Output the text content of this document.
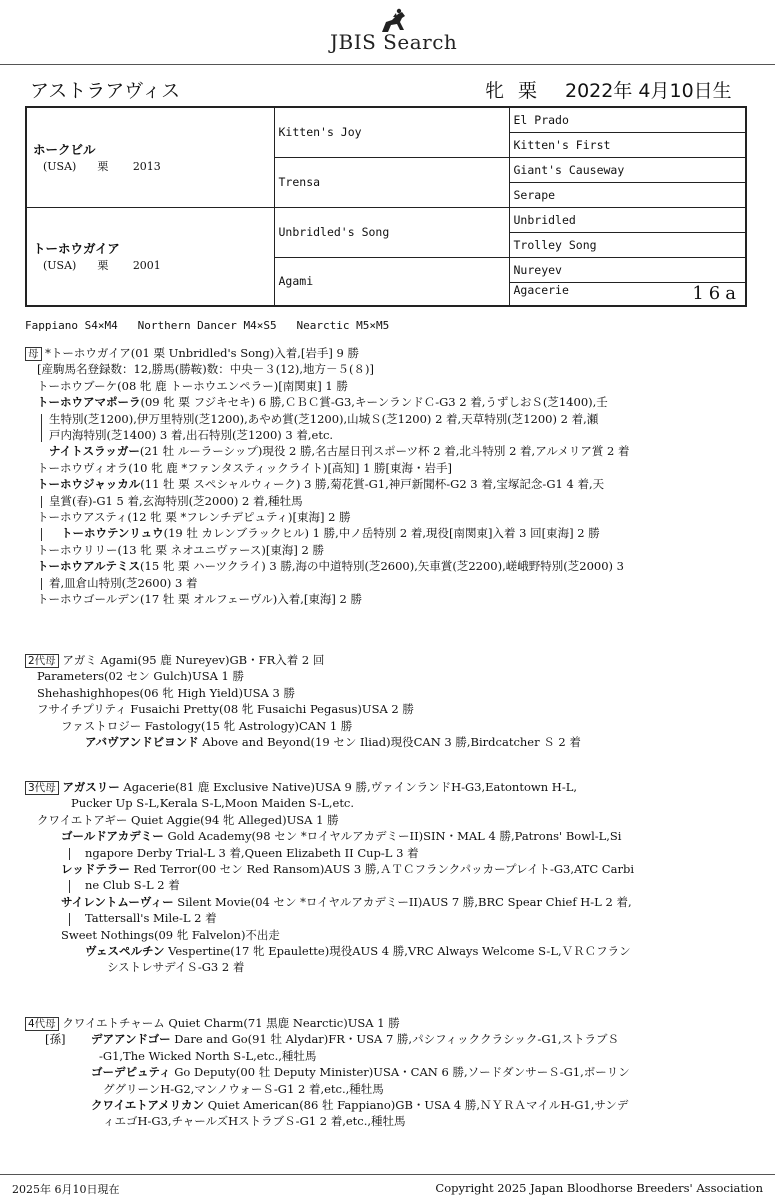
JBIS Search
アストラアヴィス	牝 栗 2022年 4月10日生
ホークビル
(USA) 栗 2013	Kitten's Joy	El Prado
		Kitten's First
	Trensa	Giant's Causeway
		Serape

トーホウガイア
(USA) 栗 2001	Unbridled's Song	Unbridled
		Trolley Song
	Agami	Nureyev
		Agacerie 16a
Fappiano S4×M4   Northern Dancer M4×S5   Nearctic M5×M5
母 *トーホウガイア(01 栗 Unbridled's Song)入着,[岩手] 9 勝
[産駒馬名登録数：12,勝馬(勝鞍)数：中央－３(12),地方－５(８)]
トーホウブーケ(08 牝 鹿 トーホウエンペラー)[南関東] 1 勝
トーホウアマポーラ(09 牝 栗 フジキセキ) 6 勝,ＣＢＣ賞-G3,キーンランドＣ-G3 2 着,うずしおＳ(芝1400),壬
生特別(芝1200),伊万里特別(芝1200),あやめ賞(芝1200),山城Ｓ(芝1200) 2 着,天草特別(芝1200) 2 着,瀬
戸内海特別(芝1400) 3 着,出石特別(芝1200) 3 着,etc.
ナイトスラッガー(21 牡 ルーラーシップ)現役 2 勝,名古屋日刊スポーツ杯 2 着,北斗特別 2 着,アルメリア賞 2 着
トーホウヴィオラ(10 牝 鹿 *ファンタスティックライト)[高知] 1 勝[東海・岩手]
トーホウジャッカル(11 牡 栗 スペシャルウィーク) 3 勝,菊花賞-G1,神戸新聞杯-G2 3 着,宝塚記念-G1 4 着,天
皇賞(春)-G1 5 着,玄海特別(芝2000) 2 着,種牡馬
トーホウアスティ(12 牝 栗 *フレンチデピュティ)[東海] 2 勝
トーホウテンリュウ(19 牡 カレンブラックヒル) 1 勝,中ノ岳特別 2 着,現役[南関東]入着 3 回[東海] 2 勝
トーホウリリー(13 牝 栗 ネオユニヴァース)[東海] 2 勝
トーホウアルテミス(15 牝 栗 ハーツクライ) 3 勝,海の中道特別(芝2600),矢車賞(芝2200),嵯峨野特別(芝2000) 3
着,皿倉山特別(芝2600) 3 着
トーホウゴールデン(17 牡 栗 オルフェーヴル)入着,[東海] 2 勝
2代母 アガミ Agami(95 鹿 Nureyev)GB・FR入着 2 回
Parameters(02 セン Gulch)USA 1 勝
Shehashighhopes(06 牝 High Yield)USA 3 勝
フサイチプリティ Fusaichi Pretty(08 牝 Fusaichi Pegasus)USA 2 勝
ファストロジー Fastology(15 牝 Astrology)CAN 1 勝
アバヴアンドビヨンド Above and Beyond(19 セン Iliad)現役CAN 3 勝,Birdcatcher Ｓ 2 着
3代母 アガスリー Agacerie(81 鹿 Exclusive Native)USA 9 勝,ヴァインランドH-G3,Eatontown H-L,
Pucker Up S-L,Kerala S-L,Moon Maiden S-L,etc.
クワイエトアギー Quiet Aggie(94 牝 Alleged)USA 1 勝
ゴールドアカデミー Gold Academy(98 セン *ロイヤルアカデミーII)SIN・MAL 4 勝,Patrons' Bowl-L,Si
ngapore Derby Trial-L 3 着,Queen Elizabeth II Cup-L 3 着
レッドテラー Red Terror(00 セン Red Ransom)AUS 3 勝,ＡＴＣフランクパッカープレイト-G3,ATC Carbi
ne Club S-L 2 着
サイレントムーヴィー Silent Movie(04 セン *ロイヤルアカデミーII)AUS 7 勝,BRC Spear Chief H-L 2 着,
Tattersall's Mile-L 2 着
Sweet Nothings(09 牝 Falvelon)不出走
ヴェスペルチン Vespertine(17 牝 Epaulette)現役AUS 4 勝,VRC Always Welcome S-L,ＶＲＣフラン
シストレサデイＳ-G3 2 着
4代母 クワイエトチャーム Quiet Charm(71 黒鹿 Nearctic)USA 1 勝
[孫] デアアンドゴー Dare and Go(91 牡 Alydar)FR・USA 7 勝,パシフィッククラシック-G1,ストラブＳ
-G1,The Wicked North S-L,etc.,種牡馬
ゴーデピュティ Go Deputy(00 牡 Deputy Minister)USA・CAN 6 勝,ソードダンサーＳ-G1,ボーリン
ググリーンH-G2,マンノウォーＳ-G1 2 着,etc.,種牡馬
クワイエトアメリカン Quiet American(86 牡 Fappiano)GB・USA 4 勝,ＮＹＲＡマイルH-G1,サンデ
ィエゴH-G3,チャールズHストラブＳ-G1 2 着,etc.,種牡馬
2025年 6月10日現在	Copyright 2025 Japan Bloodhorse Breeders' Association
